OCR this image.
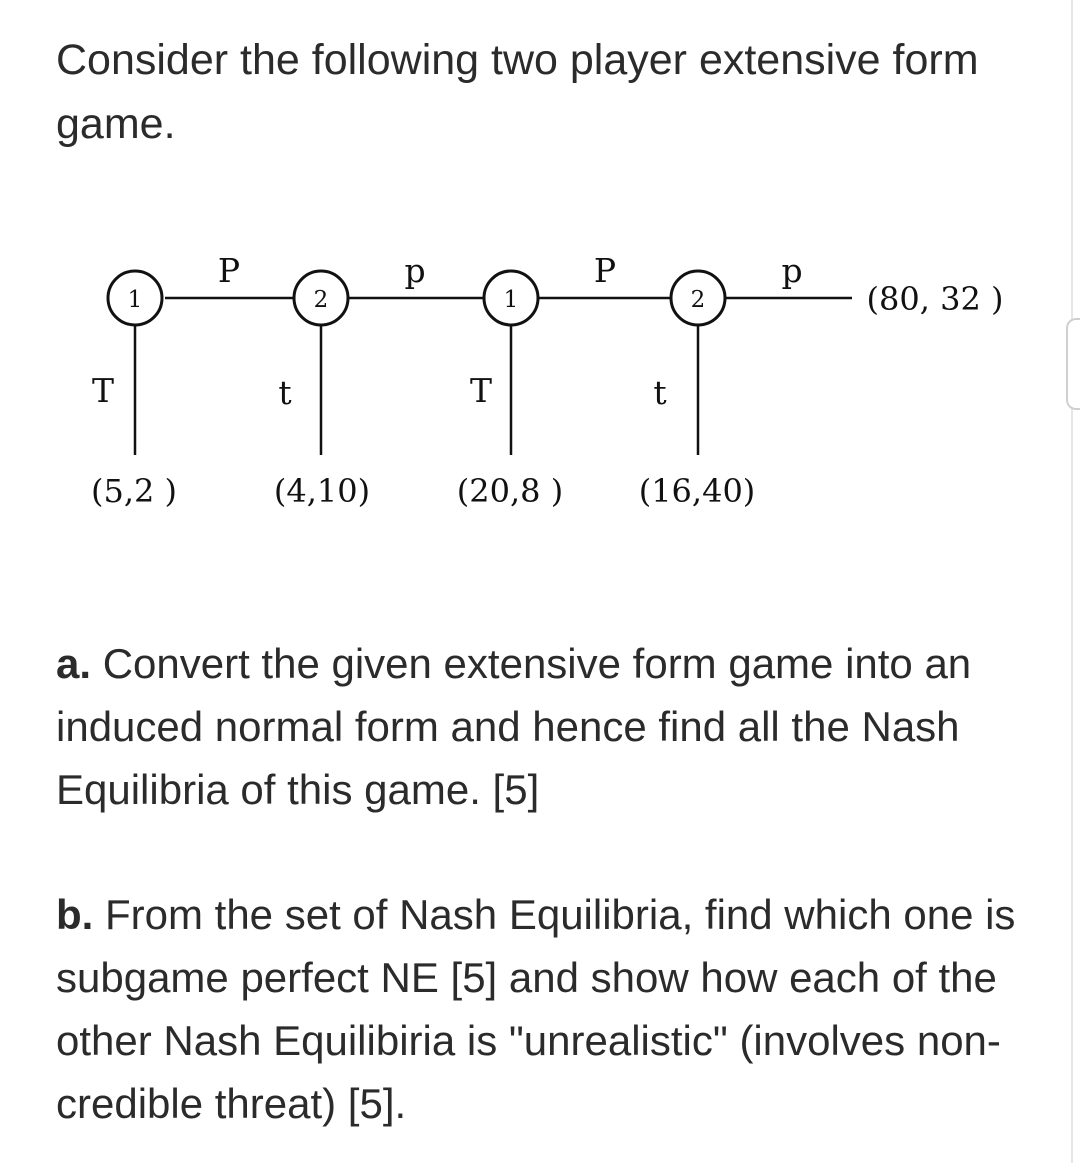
Consider the following two player extensive form game.

1	2	1	2
P	p	P	p
T	t	T	t
(5,2 )	(4,10)	(20,8 ) (16,40)
(80, 32 )

a. Convert the given extensive form game into an induced normal form and hence find all the Nash Equilibria of this game. [5]

b. From the set of Nash Equilibria, find which one is subgame perfect NE [5] and show how each of the other Nash Equilibiria is "unrealistic" (involves non-credible threat) [5].
